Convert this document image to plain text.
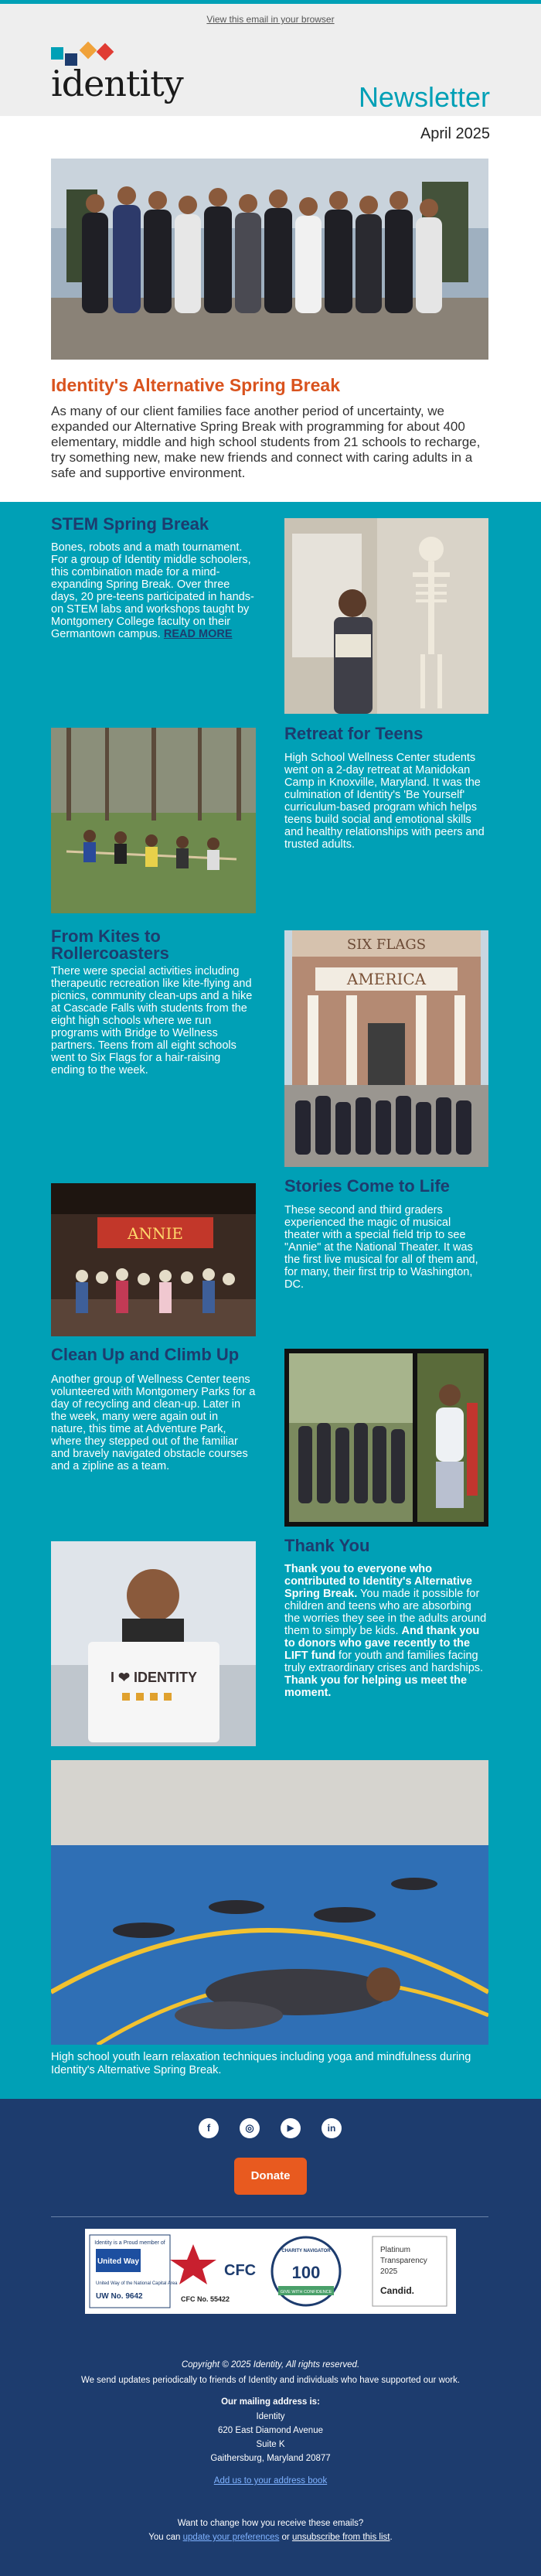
View this email in your browser
identity	Newsletter
April 2025
Identity's Alternative Spring Break
As many of our client families face another period of uncertainty, we expanded our Alternative Spring Break with programming for about 400 elementary, middle and high school students from 21 schools to recharge, try something new, make new friends and connect with caring adults in a safe and supportive environment.
STEM Spring Break
Bones, robots and a math tournament. For a group of Identity middle schoolers, this combination made for a mind-expanding Spring Break. Over three days, 20 pre-teens participated in hands-on STEM labs and workshops taught by Montgomery College faculty on their Germantown campus. READ MORE
Retreat for Teens
High School Wellness Center students went on a 2-day retreat at Manidokan Camp in Knoxville, Maryland. It was the culmination of Identity's 'Be Yourself' curriculum-based program which helps teens build social and emotional skills and healthy relationships with peers and trusted adults.
From Kites to Rollercoasters
There were special activities including therapeutic recreation like kite-flying and picnics, community clean-ups and a hike at Cascade Falls with students from the eight high schools where we run programs with Bridge to Wellness partners. Teens from all eight schools went to Six Flags for a hair-raising ending to the week.
SIX FLAGS
AMERICA
ANNIE
Stories Come to Life
These second and third graders experienced the magic of musical theater with a special field trip to see "Annie" at the National Theater. It was the first live musical for all of them and, for many, their first trip to Washington, DC.
Clean Up and Climb Up
Another group of Wellness Center teens volunteered with Montgomery Parks for a day of recycling and clean-up. Later in the week, many were again out in nature, this time at Adventure Park, where they stepped out of the familiar and bravely navigated obstacle courses and a zipline as a team.
I ❤ IDENTITY
Thank You
Thank you to everyone who contributed to Identity's Alternative Spring Break. You made it possible for children and teens who are absorbing the worries they see in the adults around them to simply be kids. And thank you to donors who gave recently to the LIFT fund for youth and families facing truly extraordinary crises and hardships. Thank you for helping us meet the moment.
High school youth learn relaxation techniques including yoga and mindfulness during Identity's Alternative Spring Break.
f	◎	▶	in
Donate
Identity is a Proud member of
United Way
United Way of the National Capital Area
UW No. 9642
CFC
CFC No. 55422
CHARITY NAVIGATOR
100
GIVE WITH CONFIDENCE
Platinum
Transparency
2025
Candid.
Copyright © 2025 Identity, All rights reserved.
We send updates periodically to friends of Identity and individuals who have supported our work.
Our mailing address is:
Identity
620 East Diamond Avenue
Suite K
Gaithersburg, Maryland 20877
Add us to your address book
Want to change how you receive these emails?
You can update your preferences or unsubscribe from this list.
